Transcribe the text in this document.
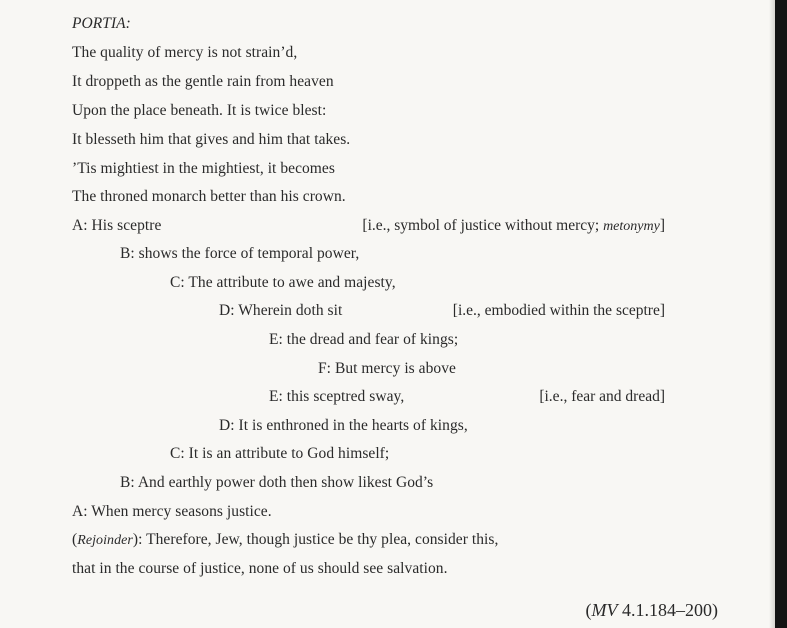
PORTIA:
The quality of mercy is not strain’d,
It droppeth as the gentle rain from heaven
Upon the place beneath. It is twice blest:
It blesseth him that gives and him that takes.
’Tis mightiest in the mightiest, it becomes
The throned monarch better than his crown.
A: His sceptre	[i.e., symbol of justice without mercy; metonymy]
B: shows the force of temporal power,
C: The attribute to awe and majesty,
D: Wherein doth sit	[i.e., embodied within the sceptre]
E: the dread and fear of kings;
F: But mercy is above
E: this sceptred sway,	[i.e., fear and dread]
D: It is enthroned in the hearts of kings,
C: It is an attribute to God himself;
B: And earthly power doth then show likest God’s
A: When mercy seasons justice.
(Rejoinder): Therefore, Jew, though justice be thy plea, consider this,
that in the course of justice, none of us should see salvation.
(MV 4.1.184–200)
